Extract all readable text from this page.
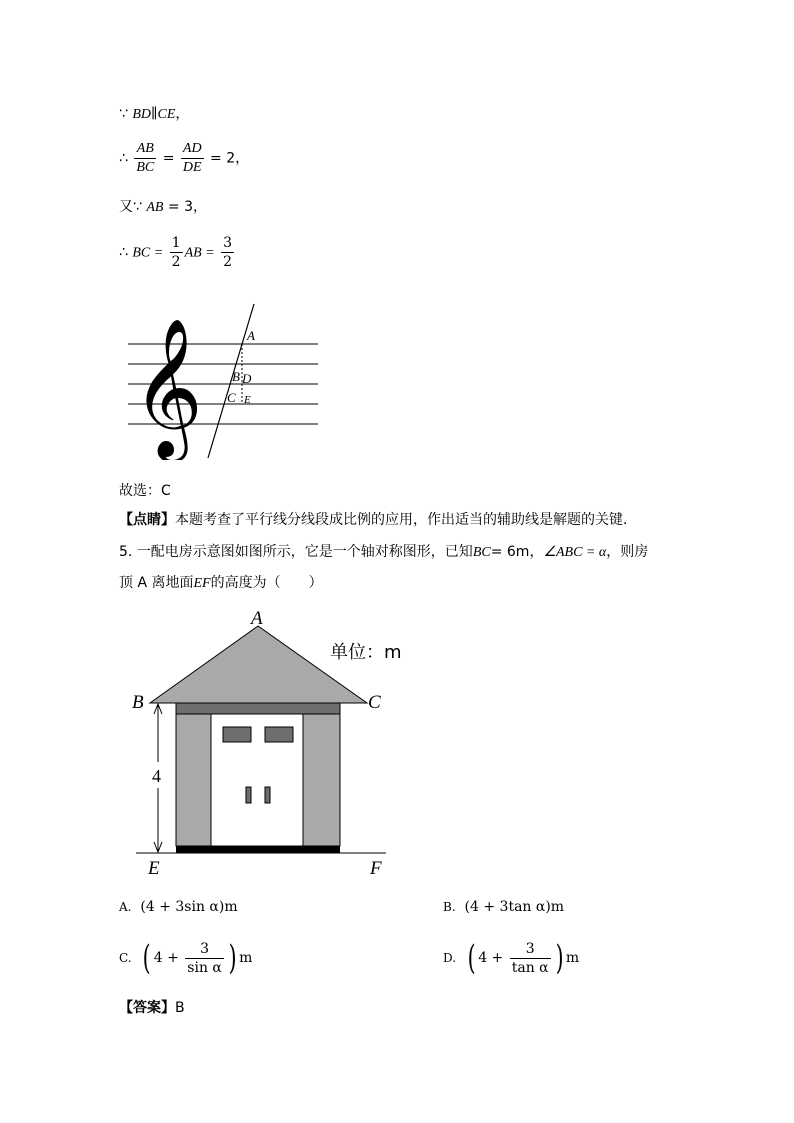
∵ BD∥CE，
∴ $\frac{AB}{BC} = \frac{AD}{DE} = 2$，
又∵ AB = 3，
∴ BC = $\frac{1}{2}$ AB = $\frac{3}{2}$
𝄞	A
B D
C E
故选：C
【点睛】本题考查了平行线分线段成比例的应用，作出适当的辅助线是解题的关键．
5. 一配电房示意图如图所示，它是一个轴对称图形，已知BC= 6m，∠ABC = α，则房
顶 A 离地面EF的高度为（　　）
4
A
B	C
E	F
单位：m
A. (4 + 3sin α)m	B. (4 + 3tan α)m
C. ( $4 + \frac{3}{\text{sin α}}$ ) m	D. ( $4 + \frac{3}{\text{tan α}}$ ) m
【答案】B
